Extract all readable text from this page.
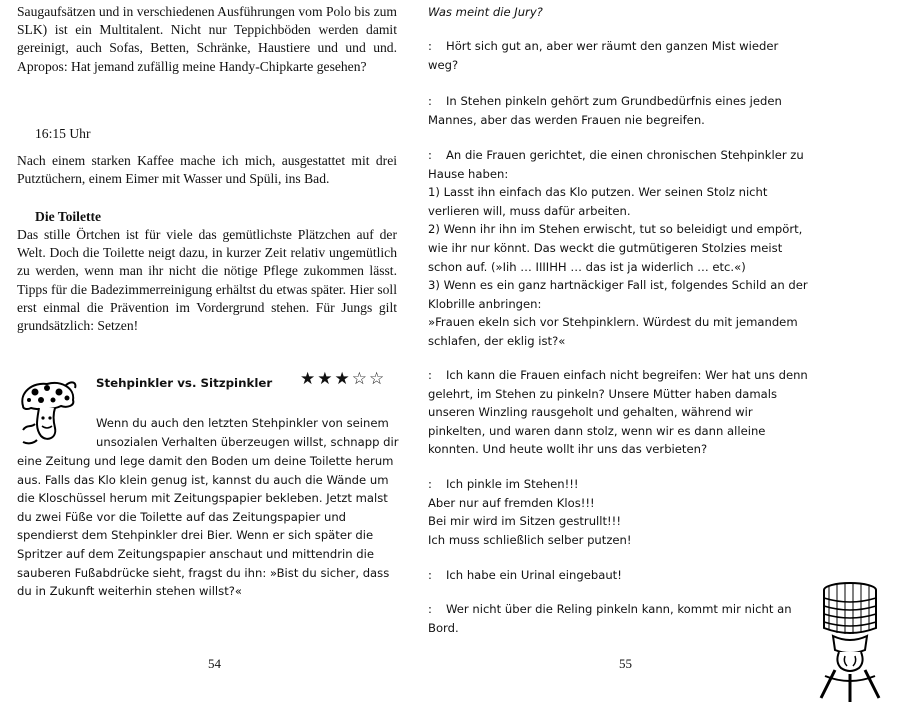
Saugaufsätzen und in verschiedenen Ausführungen vom Polo bis zum SLK) ist ein Multitalent. Nicht nur Teppichböden werden damit gereinigt, auch Sofas, Betten, Schränke, Haustiere und und und. Apropos: Hat jemand zufällig meine Handy-Chipkarte gesehen?

16:15 Uhr

Nach einem starken Kaffee mache ich mich, ausgestattet mit drei Putztüchern, einem Eimer mit Wasser und Spüli, ins Bad.

Die Toilette

Das stille Örtchen ist für viele das gemütlichste Plätzchen auf der Welt. Doch die Toilette neigt dazu, in kurzer Zeit relativ ungemütlich zu werden, wenn man ihr nicht die nötige Pflege zukommen lässt. Tipps für die Badezimmerreinigung erhältst du etwas später. Hier soll erst einmal die Prävention im Vordergrund stehen. Für Jungs gilt grundsätzlich: Setzen!

Stehpinkler vs. Sitzpinkler ★★★☆☆

Wenn du auch den letzten Stehpinkler von seinem unsozialen Verhalten überzeugen willst, schnapp dir

eine Zeitung und lege damit den Boden um deine Toilette herum aus. Falls das Klo klein genug ist, kannst du auch die Wände um die Kloschüssel herum mit Zeitungspapier bekleben. Jetzt malst du zwei Füße vor die Toilette auf das Zeitungspapier und spendierst dem Stehpinkler drei Bier. Wenn er sich später die Spritzer auf dem Zeitungspapier anschaut und mittendrin die sauberen Fußabdrücke sieht, fragst du ihn: »Bist du sicher, dass du in Zukunft weiterhin stehen willst?«

54

Was meint die Jury?

: Hört sich gut an, aber wer räumt den ganzen Mist wieder weg?
: In Stehen pinkeln gehört zum Grundbedürfnis eines jeden Mannes, aber das werden Frauen nie begreifen.
: An die Frauen gerichtet, die einen chronischen Stehpinkler zu Hause haben:
1) Lasst ihn einfach das Klo putzen. Wer seinen Stolz nicht verlieren will, muss dafür arbeiten.
2) Wenn ihr ihn im Stehen erwischt, tut so beleidigt und empört, wie ihr nur könnt. Das weckt die gutmütigeren Stolzies meist schon auf. (»Iih … IIIIHH … das ist ja widerlich … etc.«)
3) Wenn es ein ganz hartnäckiger Fall ist, folgendes Schild an der Klobrille anbringen:
»Frauen ekeln sich vor Stehpinklern. Würdest du mit jemandem schlafen, der eklig ist?«
: Ich kann die Frauen einfach nicht begreifen: Wer hat uns denn gelehrt, im Stehen zu pinkeln? Unsere Mütter haben damals unseren Winzling rausgeholt und gehalten, während wir pinkelten, und waren dann stolz, wenn wir es dann alleine konnten. Und heute wollt ihr uns das verbieten?
: Ich pinkle im Stehen!!!
Aber nur auf fremden Klos!!!
Bei mir wird im Sitzen gestrullt!!!
Ich muss schließlich selber putzen!
: Ich habe ein Urinal eingebaut!
: Wer nicht über die Reling pinkeln kann, kommt mir nicht an Bord.
55
